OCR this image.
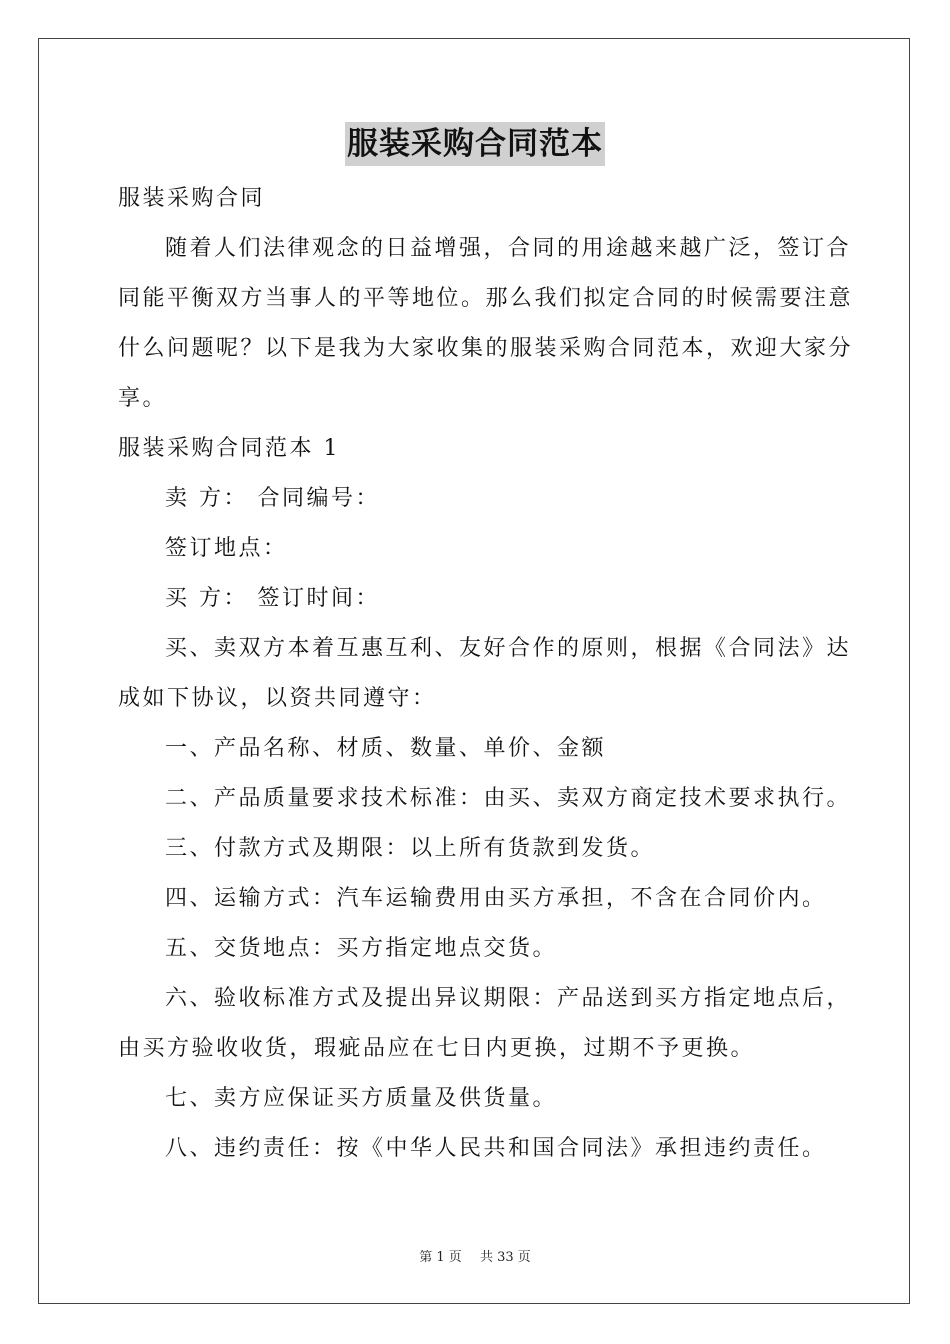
服装采购合同范本

服装采购合同

随着人们法律观念的日益增强，合同的用途越来越广泛，签订合

同能平衡双方当事人的平等地位。那么我们拟定合同的时候需要注意

什么问题呢？以下是我为大家收集的服装采购合同范本，欢迎大家分

享。

服装采购合同范本 1

卖 方： 合同编号：

签订地点：

买 方： 签订时间：

买、卖双方本着互惠互利、友好合作的原则，根据《合同法》达

成如下协议，以资共同遵守：

一、产品名称、材质、数量、单价、金额

二、产品质量要求技术标准：由买、卖双方商定技术要求执行。

三、付款方式及期限：以上所有货款到发货。

四、运输方式：汽车运输费用由买方承担，不含在合同价内。

五、交货地点：买方指定地点交货。

六、验收标准方式及提出异议期限：产品送到买方指定地点后，

由买方验收收货，瑕疵品应在七日内更换，过期不予更换。

七、卖方应保证买方质量及供货量。

八、违约责任：按《中华人民共和国合同法》承担违约责任。

第 1 页 共 33 页
